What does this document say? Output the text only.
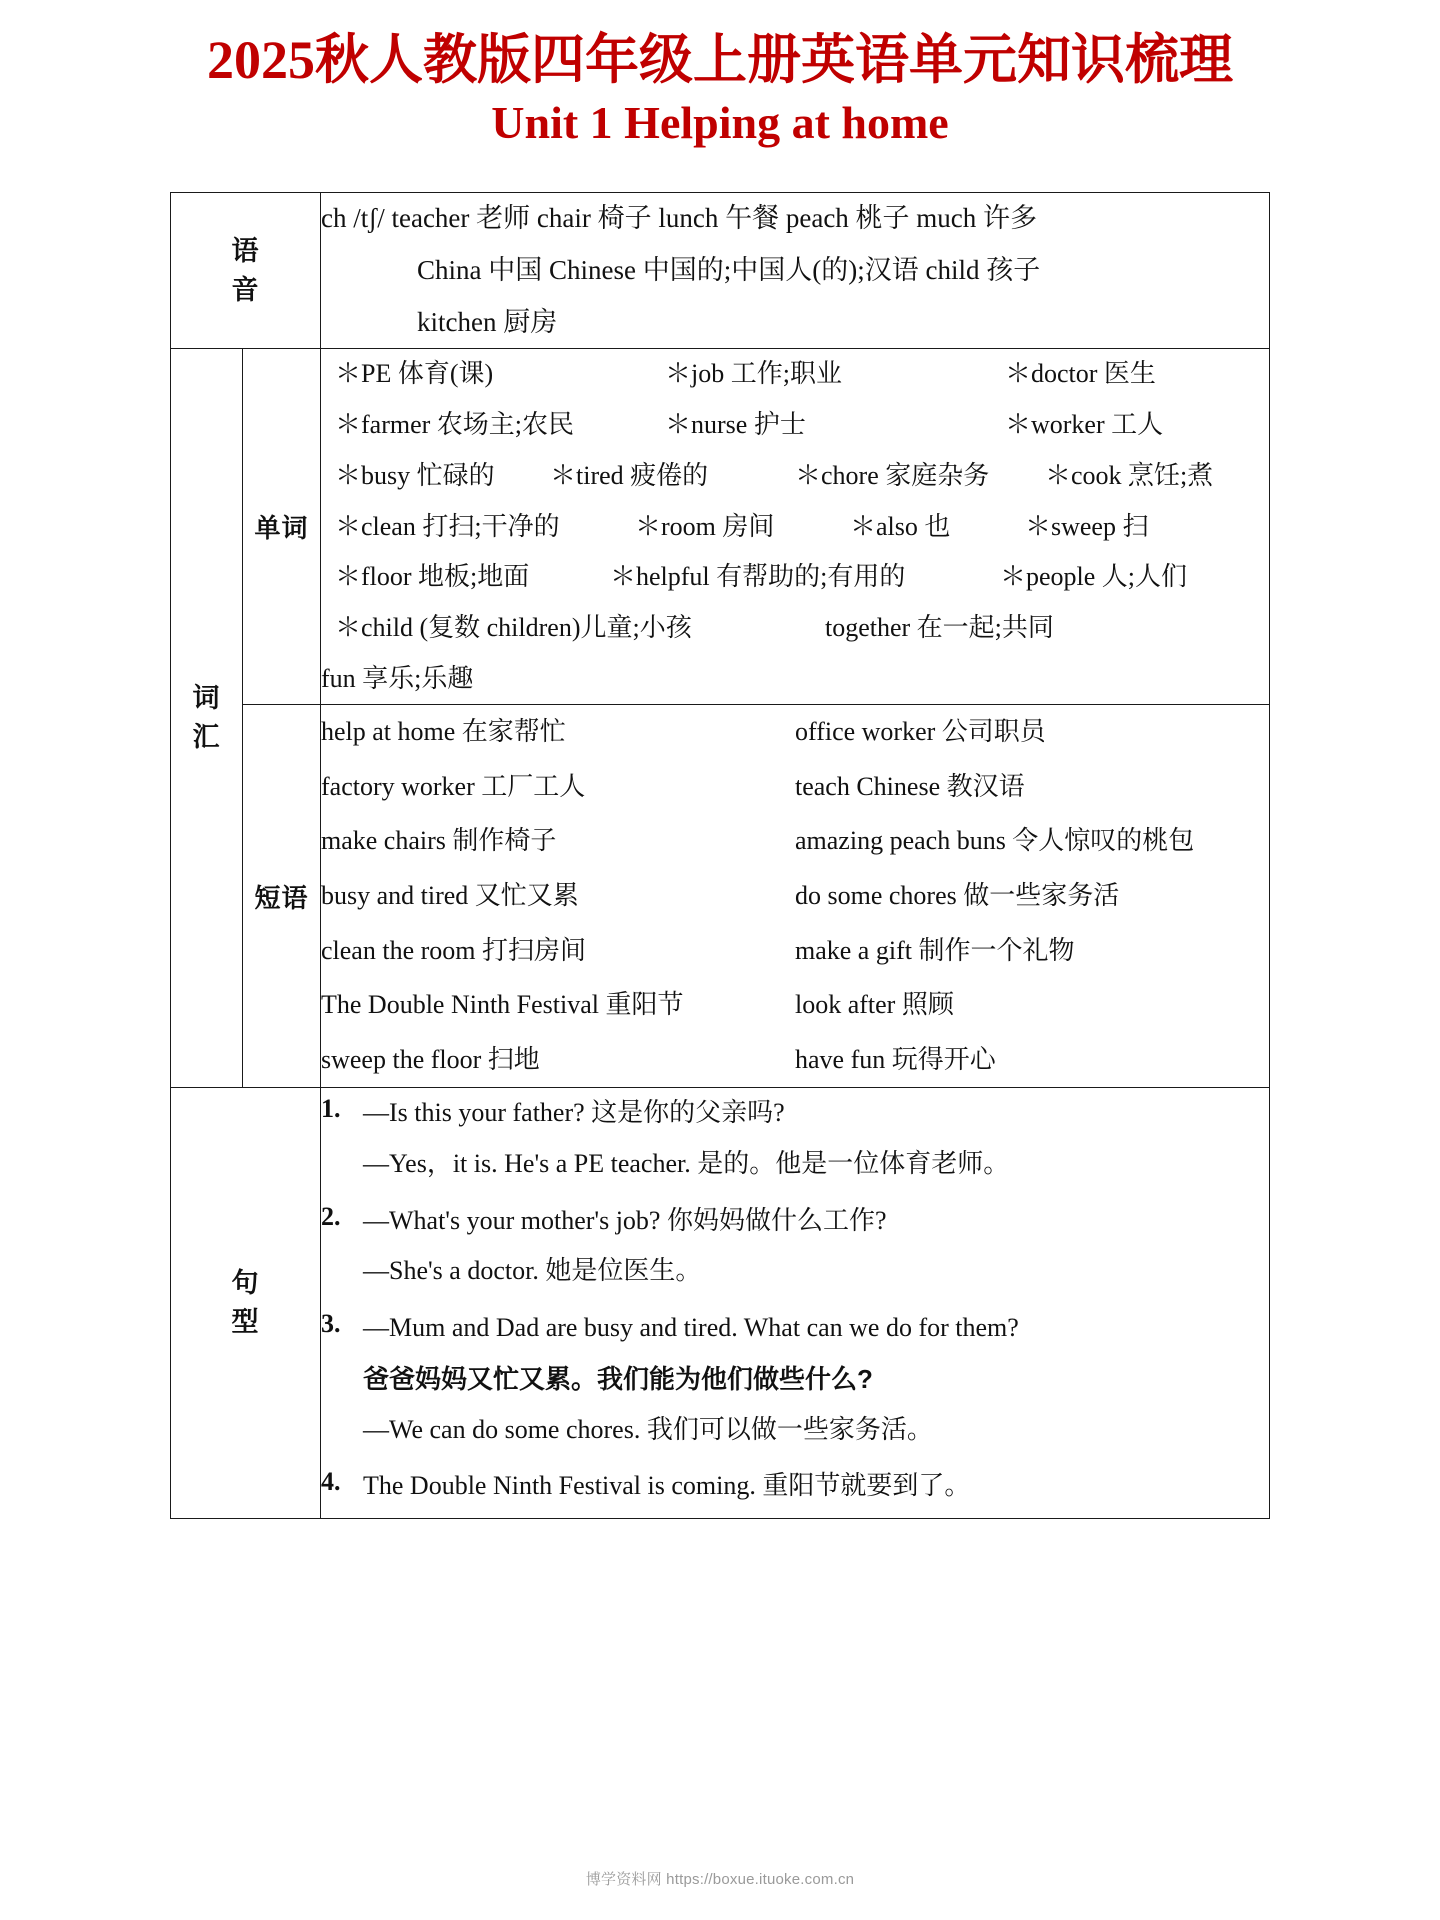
2025秋人教版四年级上册英语单元知识梳理
Unit 1 Helping at home
语
音

ch /tʃ/ teacher 老师 chair 椅子 lunch 午餐 peach 桃子 much 许多
China 中国 Chinese 中国的;中国人(的);汉语 child 孩子
kitchen 厨房

词
汇
	单词	
＊PE 体育(课)	＊job 工作;职业	＊doctor 医生
＊farmer 农场主;农民	＊nurse 护士	＊worker 工人
＊busy 忙碌的	＊tired 疲倦的	＊chore 家庭杂务	＊cook 烹饪;煮
＊clean 打扫;干净的	＊room 房间	＊also 也	＊sweep 扫
＊floor 地板;地面	＊helpful 有帮助的;有用的	＊people 人;人们
＊child (复数 children)儿童;小孩	together 在一起;共同
fun 享乐;乐趣

短语	
help at home 在家帮忙	office worker 公司职员
factory worker 工厂工人	teach Chinese 教汉语
make chairs 制作椅子	amazing peach buns 令人惊叹的桃包
busy and tired 又忙又累	do some chores 做一些家务活
clean the room 打扫房间	make a gift 制作一个礼物
The Double Ninth Festival 重阳节	look after 照顾
sweep the floor 扫地	have fun 玩得开心

句
型

1. —Is this your father? 这是你的父亲吗?
—Yes，it is. He's a PE teacher. 是的。他是一位体育老师。
2. —What's your mother's job? 你妈妈做什么工作?
—She's a doctor. 她是位医生。
3. —Mum and Dad are busy and tired. What can we do for them?
爸爸妈妈又忙又累。我们能为他们做些什么?
—We can do some chores. 我们可以做一些家务活。
4. The Double Ninth Festival is coming. 重阳节就要到了。
博学资料网 https://boxue.ituoke.com.cn
